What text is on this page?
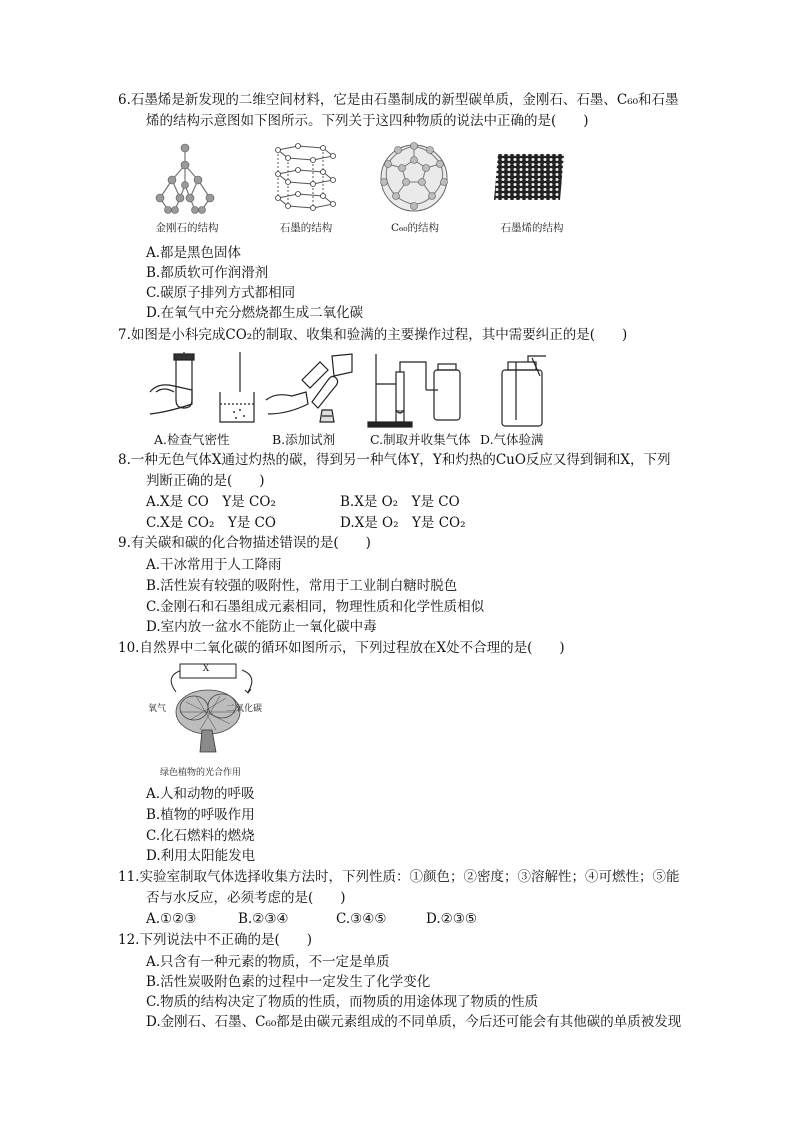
6.石墨烯是新发现的二维空间材料，它是由石墨制成的新型碳单质，金刚石、石墨、C₆₀和石墨

烯的结构示意图如下图所示。下列关于这四种物质的说法中正确的是(　　)

金刚石的结构	石墨的结构	C₆₀的结构	石墨烯的结构
A.都是黑色固体
B.都质软可作润滑剂
C.碳原子排列方式都相同
D.在氧气中充分燃烧都生成二氧化碳

7.如图是小科完成CO₂的制取、收集和验满的主要操作过程，其中需要纠正的是(　　)

A.检查气密性	B.添加试剂	C.制取并收集气体 D.气体验满

8.一种无色气体X通过灼热的碳，得到另一种气体Y，Y和灼热的CuO反应又得到铜和X，下列

判断正确的是(　　)

A.X是 CO　Y是 CO₂	B.X是 O₂　Y是 CO
C.X是 CO₂　Y是 CO	D.X是 O₂　Y是 CO₂

9.有关碳和碳的化合物描述错误的是(　　)

A.干冰常用于人工降雨
B.活性炭有较强的吸附性，常用于工业制白糖时脱色
C.金刚石和石墨组成元素相同，物理性质和化学性质相似
D.室内放一盆水不能防止一氧化碳中毒

10.自然界中二氧化碳的循环如图所示，下列过程放在X处不合理的是(　　)

X
氧气	二氧化碳
绿色植物的光合作用
A.人和动物的呼吸
B.植物的呼吸作用
C.化石燃料的燃烧
D.利用太阳能发电

11.实验室制取气体选择收集方法时，下列性质：①颜色；②密度；③溶解性；④可燃性；⑤能

否与水反应，必须考虑的是(　　)

A.①②③	B.②③④	C.③④⑤	D.②③⑤

12.下列说法中不正确的是(　　)

A.只含有一种元素的物质，不一定是单质
B.活性炭吸附色素的过程中一定发生了化学变化
C.物质的结构决定了物质的性质，而物质的用途体现了物质的性质
D.金刚石、石墨、C₆₀都是由碳元素组成的不同单质，今后还可能会有其他碳的单质被发现
